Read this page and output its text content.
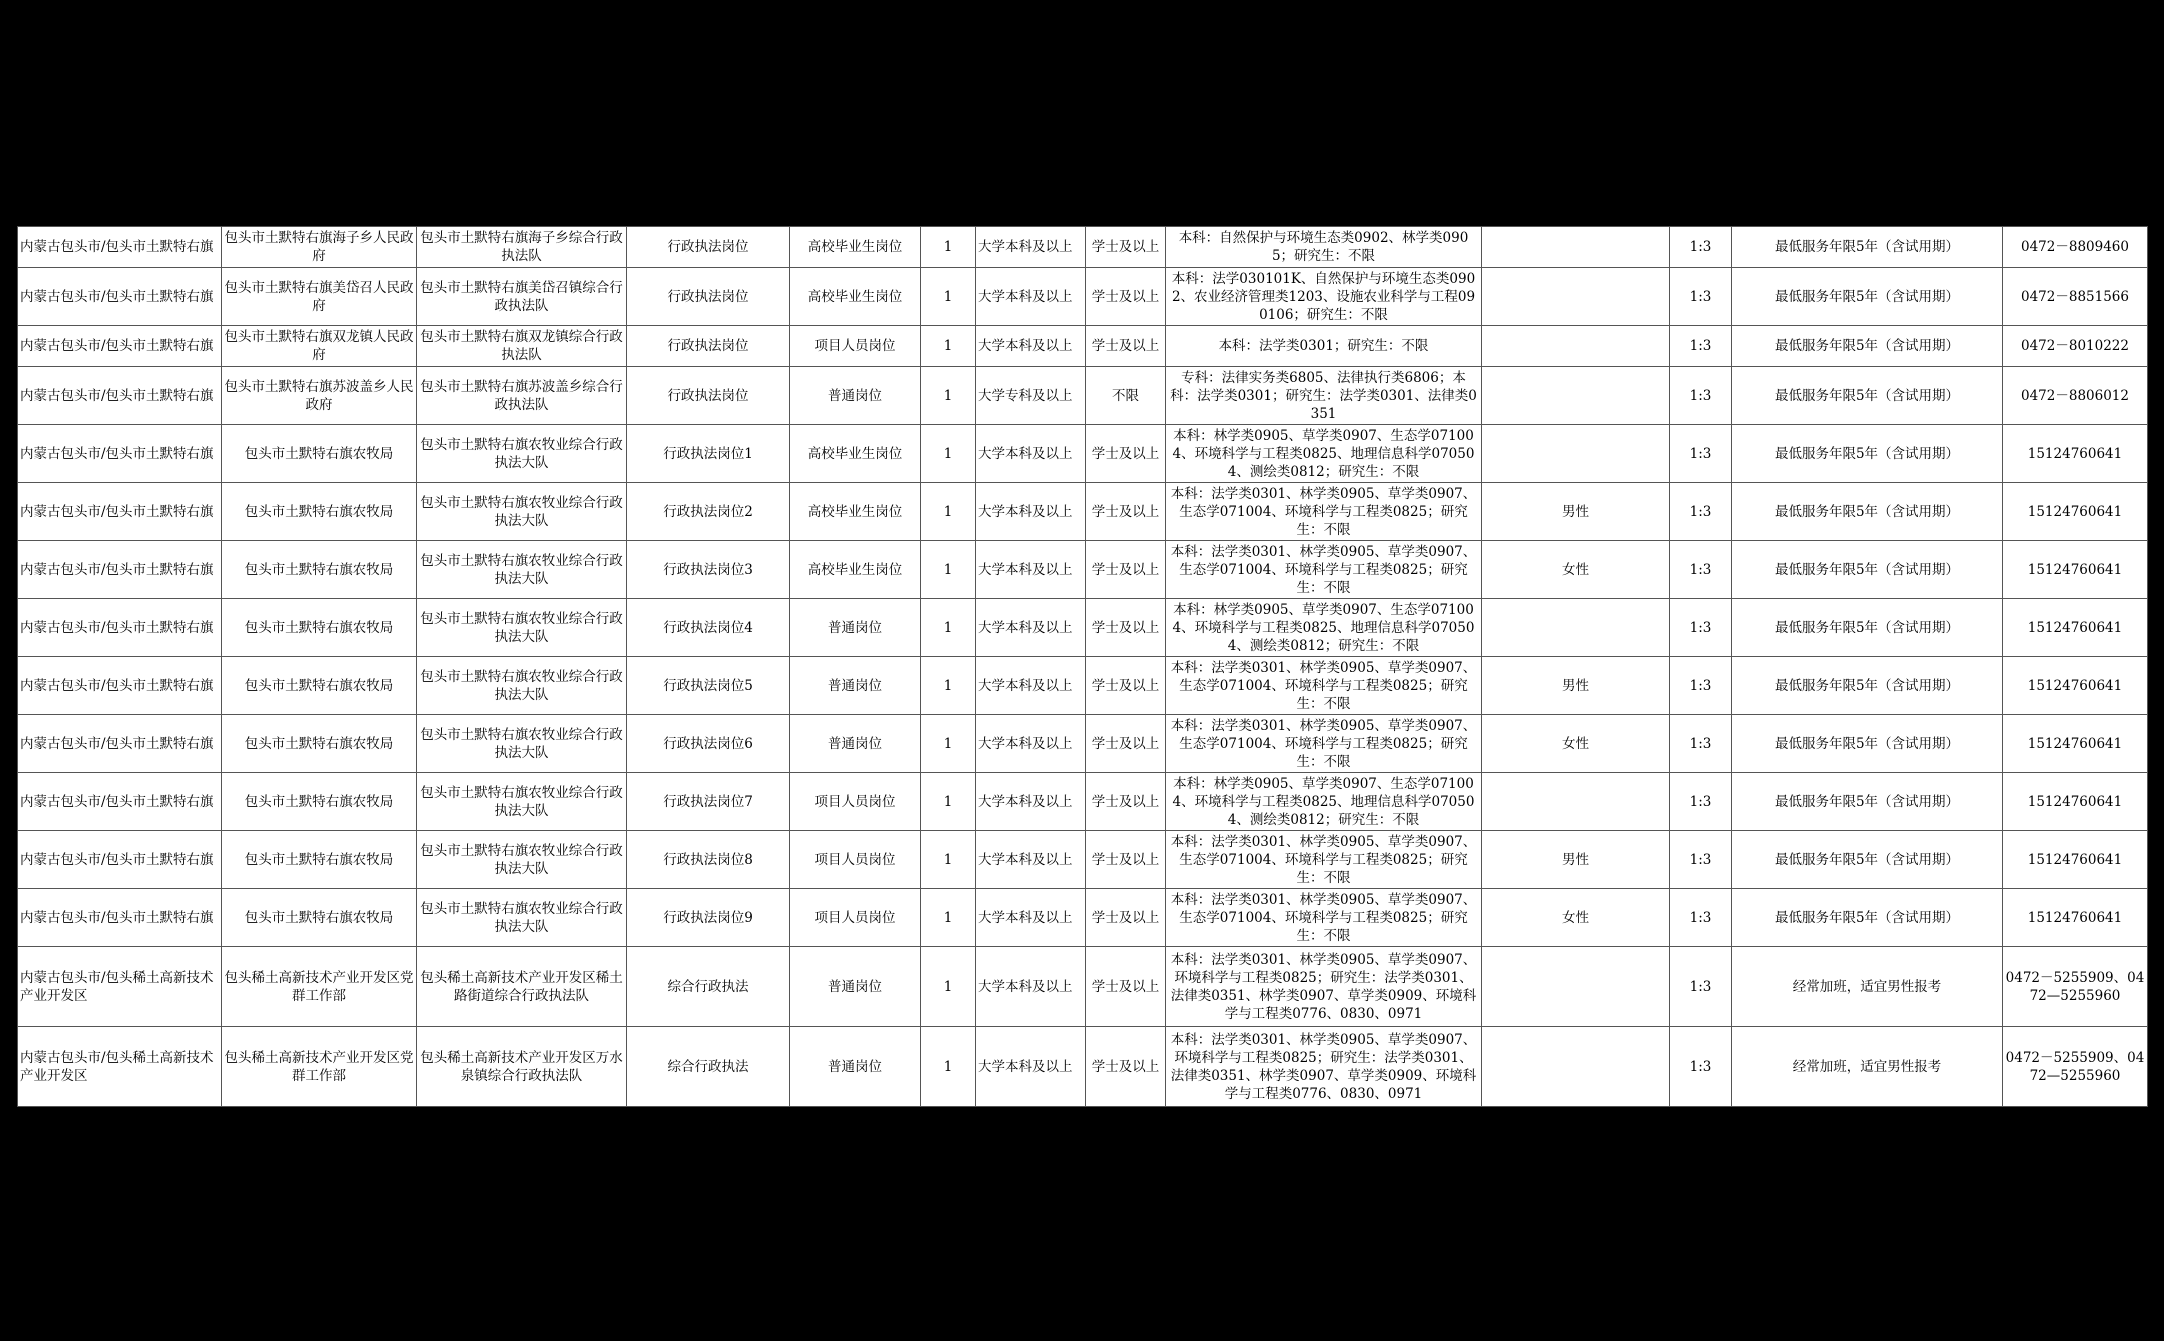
内蒙古包头市/包头市土默特右旗	包头市土默特右旗海子乡人民政府	包头市土默特右旗海子乡综合行政执法队	行政执法岗位	高校毕业生岗位	1	大学本科及以上	学士及以上	本科：自然保护与环境生态类0902、林学类0905；研究生：不限		1:3	最低服务年限5年（含试用期）	0472－8809460
内蒙古包头市/包头市土默特右旗	包头市土默特右旗美岱召人民政府	包头市土默特右旗美岱召镇综合行政执法队	行政执法岗位	高校毕业生岗位	1	大学本科及以上	学士及以上	本科：法学030101K、自然保护与环境生态类0902、农业经济管理类1203、设施农业科学与工程090106；研究生：不限		1:3	最低服务年限5年（含试用期）	0472－8851566
内蒙古包头市/包头市土默特右旗	包头市土默特右旗双龙镇人民政府	包头市土默特右旗双龙镇综合行政执法队	行政执法岗位	项目人员岗位	1	大学本科及以上	学士及以上	本科：法学类0301；研究生：不限		1:3	最低服务年限5年（含试用期）	0472－8010222
内蒙古包头市/包头市土默特右旗	包头市土默特右旗苏波盖乡人民政府	包头市土默特右旗苏波盖乡综合行政执法队	行政执法岗位	普通岗位	1	大学专科及以上	不限	专科：法律实务类6805、法律执行类6806；本科：法学类0301；研究生：法学类0301、法律类0351		1:3	最低服务年限5年（含试用期）	0472－8806012
内蒙古包头市/包头市土默特右旗	包头市土默特右旗农牧局	包头市土默特右旗农牧业综合行政执法大队	行政执法岗位1	高校毕业生岗位	1	大学本科及以上	学士及以上	本科：林学类0905、草学类0907、生态学071004、环境科学与工程类0825、地理信息科学070504、测绘类0812；研究生：不限		1:3	最低服务年限5年（含试用期）	15124760641
内蒙古包头市/包头市土默特右旗	包头市土默特右旗农牧局	包头市土默特右旗农牧业综合行政执法大队	行政执法岗位2	高校毕业生岗位	1	大学本科及以上	学士及以上	本科：法学类0301、林学类0905、草学类0907、生态学071004、环境科学与工程类0825；研究生：不限	男性	1:3	最低服务年限5年（含试用期）	15124760641
内蒙古包头市/包头市土默特右旗	包头市土默特右旗农牧局	包头市土默特右旗农牧业综合行政执法大队	行政执法岗位3	高校毕业生岗位	1	大学本科及以上	学士及以上	本科：法学类0301、林学类0905、草学类0907、生态学071004、环境科学与工程类0825；研究生：不限	女性	1:3	最低服务年限5年（含试用期）	15124760641
内蒙古包头市/包头市土默特右旗	包头市土默特右旗农牧局	包头市土默特右旗农牧业综合行政执法大队	行政执法岗位4	普通岗位	1	大学本科及以上	学士及以上	本科：林学类0905、草学类0907、生态学071004、环境科学与工程类0825、地理信息科学070504、测绘类0812；研究生：不限		1:3	最低服务年限5年（含试用期）	15124760641
内蒙古包头市/包头市土默特右旗	包头市土默特右旗农牧局	包头市土默特右旗农牧业综合行政执法大队	行政执法岗位5	普通岗位	1	大学本科及以上	学士及以上	本科：法学类0301、林学类0905、草学类0907、生态学071004、环境科学与工程类0825；研究生：不限	男性	1:3	最低服务年限5年（含试用期）	15124760641
内蒙古包头市/包头市土默特右旗	包头市土默特右旗农牧局	包头市土默特右旗农牧业综合行政执法大队	行政执法岗位6	普通岗位	1	大学本科及以上	学士及以上	本科：法学类0301、林学类0905、草学类0907、生态学071004、环境科学与工程类0825；研究生：不限	女性	1:3	最低服务年限5年（含试用期）	15124760641
内蒙古包头市/包头市土默特右旗	包头市土默特右旗农牧局	包头市土默特右旗农牧业综合行政执法大队	行政执法岗位7	项目人员岗位	1	大学本科及以上	学士及以上	本科：林学类0905、草学类0907、生态学071004、环境科学与工程类0825、地理信息科学070504、测绘类0812；研究生：不限		1:3	最低服务年限5年（含试用期）	15124760641
内蒙古包头市/包头市土默特右旗	包头市土默特右旗农牧局	包头市土默特右旗农牧业综合行政执法大队	行政执法岗位8	项目人员岗位	1	大学本科及以上	学士及以上	本科：法学类0301、林学类0905、草学类0907、生态学071004、环境科学与工程类0825；研究生：不限	男性	1:3	最低服务年限5年（含试用期）	15124760641
内蒙古包头市/包头市土默特右旗	包头市土默特右旗农牧局	包头市土默特右旗农牧业综合行政执法大队	行政执法岗位9	项目人员岗位	1	大学本科及以上	学士及以上	本科：法学类0301、林学类0905、草学类0907、生态学071004、环境科学与工程类0825；研究生：不限	女性	1:3	最低服务年限5年（含试用期）	15124760641
内蒙古包头市/包头稀土高新技术产业开发区	包头稀土高新技术产业开发区党群工作部	包头稀土高新技术产业开发区稀土路街道综合行政执法队	综合行政执法	普通岗位	1	大学本科及以上	学士及以上	本科：法学类0301、林学类0905、草学类0907、环境科学与工程类0825；研究生：法学类0301、法律类0351、林学类0907、草学类0909、环境科学与工程类0776、0830、0971		1:3	经常加班，适宜男性报考	0472－5255909、0472—5255960
内蒙古包头市/包头稀土高新技术产业开发区	包头稀土高新技术产业开发区党群工作部	包头稀土高新技术产业开发区万水泉镇综合行政执法队	综合行政执法	普通岗位	1	大学本科及以上	学士及以上	本科：法学类0301、林学类0905、草学类0907、环境科学与工程类0825；研究生：法学类0301、法律类0351、林学类0907、草学类0909、环境科学与工程类0776、0830、0971		1:3	经常加班，适宜男性报考	0472－5255909、0472—5255960
